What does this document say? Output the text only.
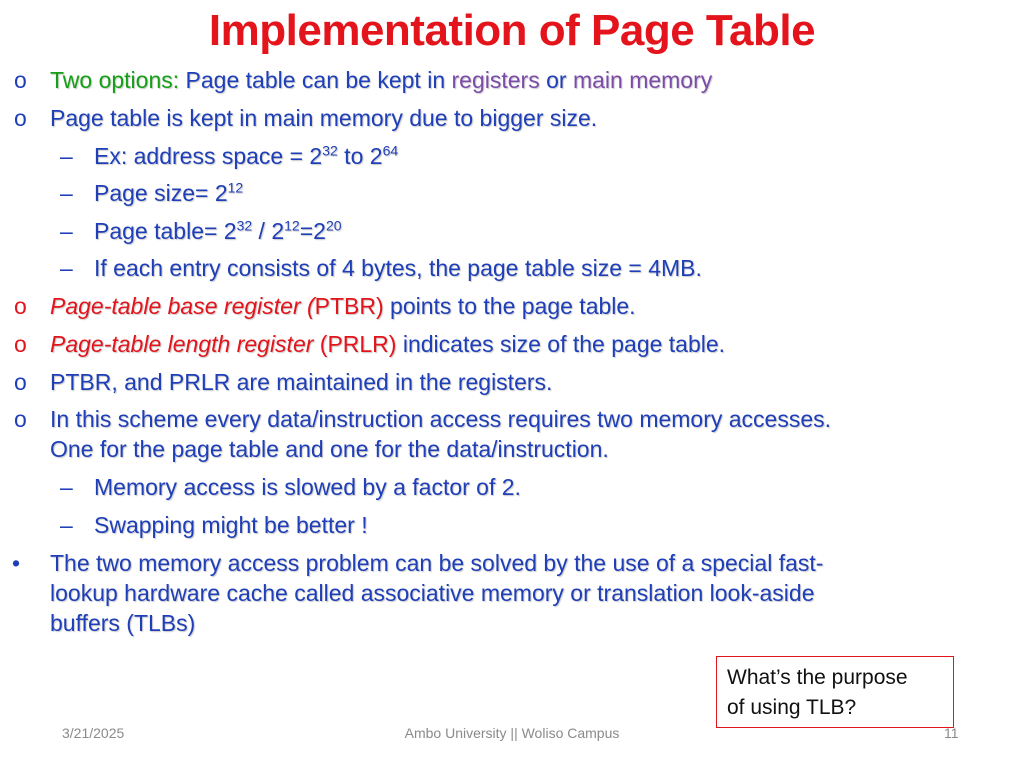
Implementation of Page Table
o Two options: Page table can be kept in registers or main memory
o Page table is kept in main memory due to bigger size.
– Ex: address space = $2^{32}$ to $2^{64}$
– Page size= $2^{12}$
– Page table= $2^{32} / 2^{12}=2^{20}$
– If each entry consists of 4 bytes, the page table size = 4MB.
o Page-table base register (PTBR) points to the page table.
o Page-table length register (PRLR) indicates size of the page table.
o PTBR, and PRLR are maintained in the registers.
o In this scheme every data/instruction access requires two memory accesses.
One for the page table and one for the data/instruction.
– Memory access is slowed by a factor of 2.
– Swapping might be better !
• The two memory access problem can be solved by the use of a special fast-
lookup hardware cache called associative memory or translation look-aside
buffers (TLBs)
What’s the purpose
of using TLB?
3/21/2025	Ambo University || Woliso Campus	11
